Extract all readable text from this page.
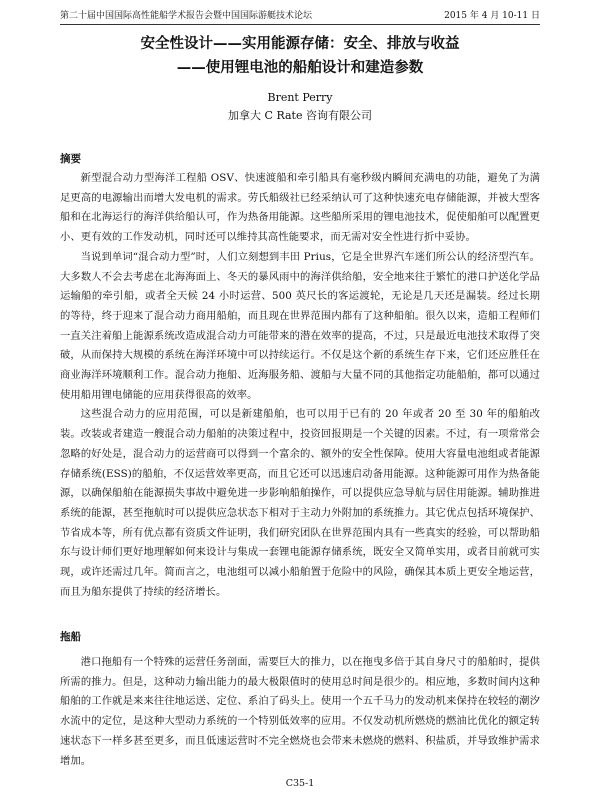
第二十届中国国际高性能船学术报告会暨中国国际游艇技术论坛	2015 年 4 月 10-11 日
安全性设计——实用能源存储：安全、排放与收益
——使用锂电池的船舶设计和建造参数
Brent Perry
加拿大 C Rate 咨询有限公司
摘要

新型混合动力型海洋工程船 OSV、快速渡船和牵引船具有毫秒级内瞬间充满电的功能，避免了为满足更高的电源输出而增大发电机的需求。劳氏船级社已经采纳认可了这种快速充电存储能源，并被大型客船和在北海运行的海洋供给船认可，作为热备用能源。这些船所采用的锂电池技术，促使船舶可以配置更小、更有效的工作发动机，同时还可以维持其高性能要求，而无需对安全性进行折中妥协。

当说到单词“混合动力型”时，人们立刻想到丰田 Prius，它是全世界汽车迷们所公认的经济型汽车。大多数人不会去考虑在北海海面上、冬天的暴风雨中的海洋供给船，安全地来往于繁忙的港口护送化学品运输船的牵引船，或者全天候 24 小时运营、500 英尺长的客运渡轮，无论是几天还是漏装。经过长期的等待，终于迎来了混合动力商用船舶，而且现在世界范围内都有了这种船舶。很久以来，造船工程师们一直关注着船上能源系统改造成混合动力可能带来的潜在效率的提高，不过，只是最近电池技术取得了突破，从而保持大规模的系统在海洋环境中可以持续运行。不仅是这个新的系统生存下来，它们还应胜任在商业海洋环境顺利工作。混合动力拖船、近海服务船、渡船与大量不同的其他指定功能船舶，都可以通过使用船用锂电储能的应用获得很高的效率。

这些混合动力的应用范围，可以是新建船舶，也可以用于已有的 20 年或者 20 至 30 年的船舶改装。改装或者建造一艘混合动力船舶的决策过程中，投资回报期是一个关键的因素。不过，有一项常常会忽略的好处是，混合动力的运营商可以得到一个富余的、额外的安全性保障。使用大容量电池组或者能源存储系统(ESS)的船舶，不仅运营效率更高，而且它还可以迅速启动备用能源。这种能源可用作为热备能源，以确保船舶在能源损失事故中避免进一步影响船舶操作，可以提供应急导航与居住用能源。辅助推进系统的能源，甚至拖航时可以提供应急状态下相对于主动力外附加的系统推力。其它优点包括环境保护、节省成本等，所有优点都有资质文件证明，我们研究团队在世界范围内具有一些真实的经验，可以帮助船东与设计师们更好地理解如何来设计与集成一套锂电能源存储系统，既安全又简单实用，或者目前就可实现，或许还需过几年。简而言之，电池组可以减小船舶置于危险中的风险，确保其本质上更安全地运营，而且为船东提供了持续的经济增长。

拖船

港口拖船有一个特殊的运营任务剖面，需要巨大的推力，以在拖曳多倍于其自身尺寸的船舶时，提供所需的推力。但是，这种动力输出能力的最大极限值时的使用总时间是很少的。相应地，多数时间内这种船舶的工作就是来来往往地运送、定位、系泊了码头上。使用一个五千马力的发动机来保持在较轻的潮汐水流中的定位，是这种大型动力系统的一个特别低效率的应用。不仅发动机所燃烧的燃油比优化的额定转速状态下一样多甚至更多，而且低速运营时不完全燃烧也会带来未燃烧的燃料、积盐质，并导致维护需求增加。

C35-1
